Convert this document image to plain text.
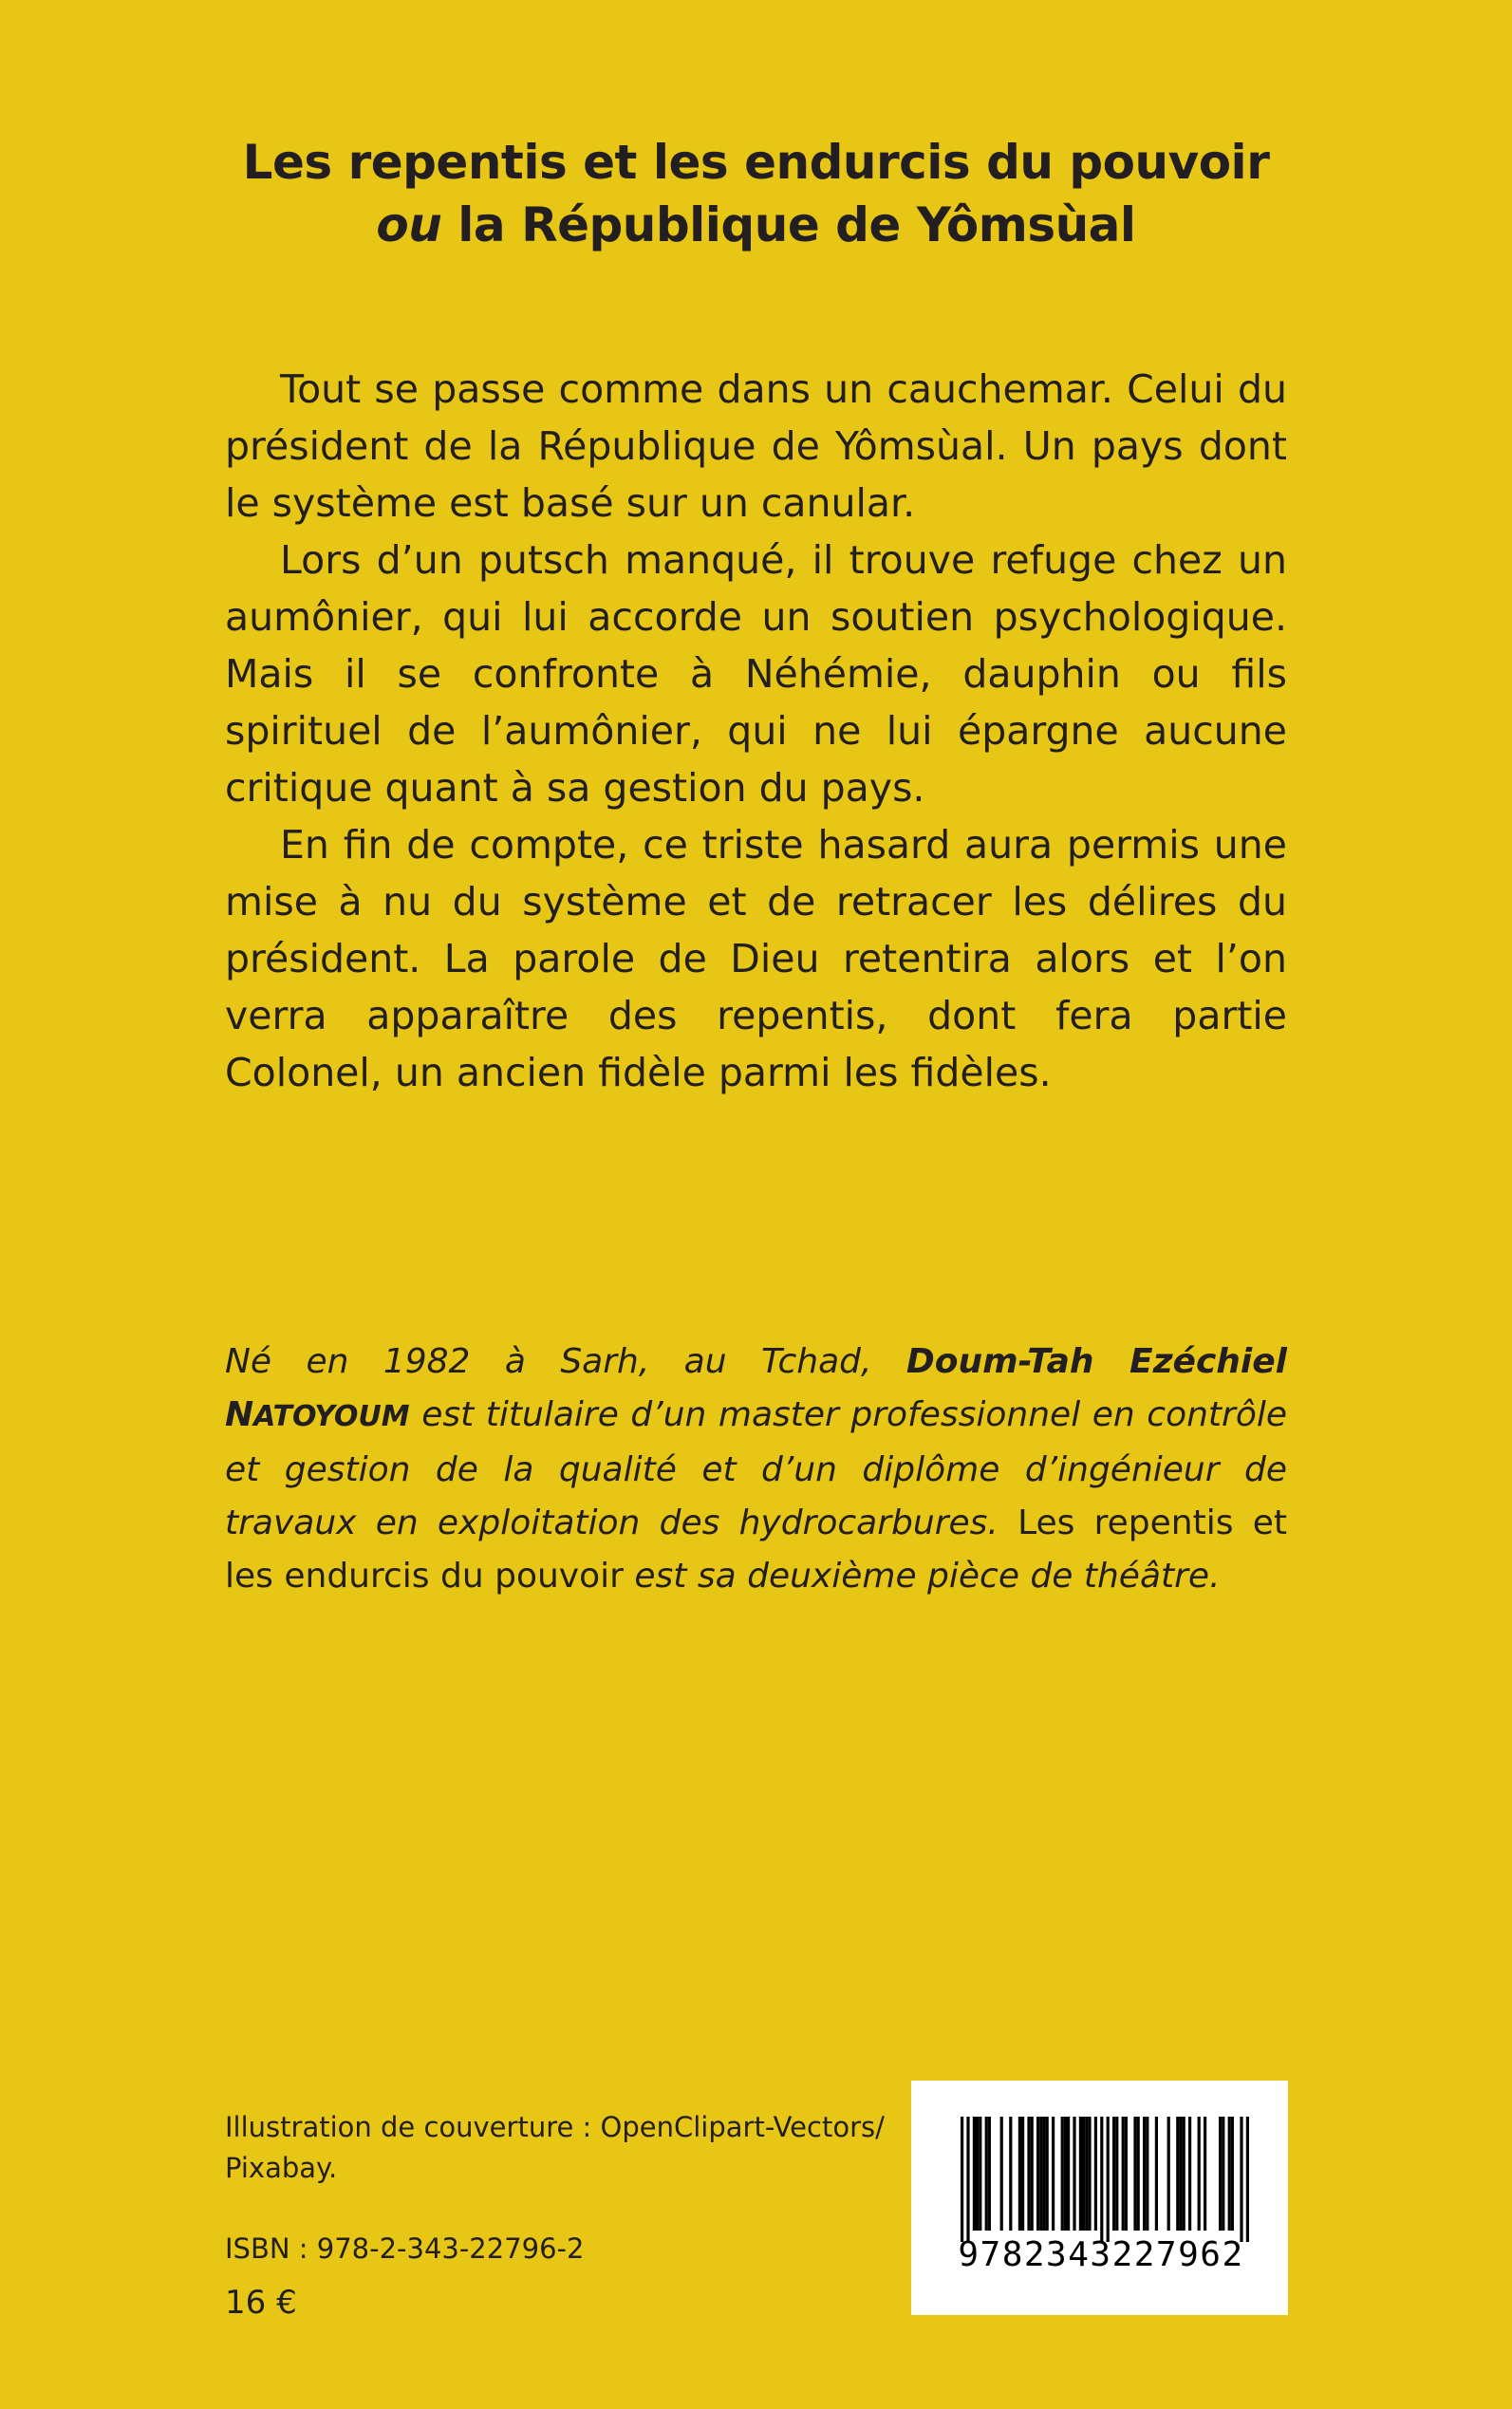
Les repentis et les endurcis du pouvoir
ou la République de Yômsùal

Tout se passe comme dans un cauchemar. Celui du président de la République de Yômsùal. Un pays dont le système est basé sur un canular.

Lors d’un putsch manqué, il trouve refuge chez un aumônier, qui lui accorde un soutien psychologique. Mais il se confronte à Néhémie, dauphin ou fils spirituel de l’aumônier, qui ne lui épargne aucune critique quant à sa gestion du pays.

En fin de compte, ce triste hasard aura permis une mise à nu du système et de retracer les délires du président. La parole de Dieu retentira alors et l’on verra apparaître des repentis, dont fera partie Colonel, un ancien fidèle parmi les fidèles.

Né en 1982 à Sarh, au Tchad, Doum-Tah Ezéchiel NATOYOUM est titulaire d’un master professionnel en contrôle et gestion de la qualité et d’un diplôme d’ingénieur de travaux en exploitation des hydrocarbures. Les repentis et les endurcis du pouvoir est sa deuxième pièce de théâtre.
Illustration de couverture : OpenClipart-Vectors/ Pixabay.
ISBN : 978-2-343-22796-2
16 €
9782343227962
